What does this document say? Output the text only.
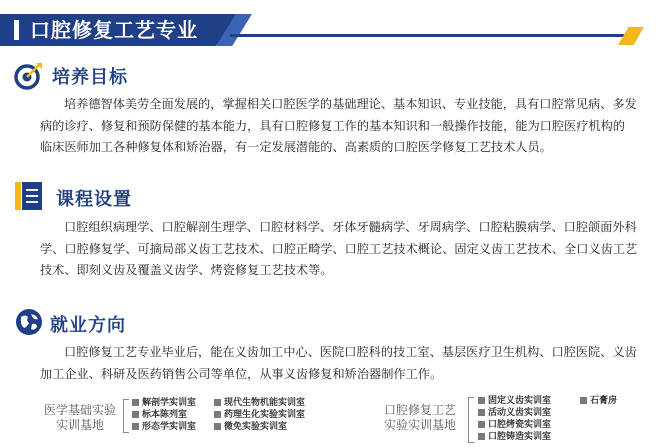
口腔修复工艺专业
培养目标
培养德智体美劳全面发展的，掌握相关口腔医学的基础理论、基本知识、专业技能，具有口腔常见病、多发
病的诊疗、修复和预防保健的基本能力，具有口腔修复工作的基本知识和一般操作技能，能为口腔医疗机构的
临床医师加工各种修复体和矫治器，有一定发展潜能的、高素质的口腔医学修复工艺技术人员。
课程设置
口腔组织病理学、口腔解剖生理学、口腔材料学、牙体牙髓病学、牙周病学、口腔粘膜病学、口腔颌面外科
学、口腔修复学、可摘局部义齿工艺技术、口腔正畸学、口腔工艺技术概论、固定义齿工艺技术、全口义齿工艺
技术、即刻义齿及覆盖义齿学、烤瓷修复工艺技术等。
就业方向
口腔修复工艺专业毕业后，能在义齿加工中心、医院口腔科的技工室、基层医疗卫生机构、口腔医院、义齿
加工企业、科研及医药销售公司等单位，从事义齿修复和矫治器制作工作。
医学基础实验
实训基地
解剖学实训室
标本陈列室
形态学实训室
现代生物机能实训室
药理生化实验实训室
微免实验实训室
口腔修复工艺
实验实训基地
固定义齿实训室
活动义齿实训室
口腔烤瓷实训室
口腔铸造实训室
石膏房
